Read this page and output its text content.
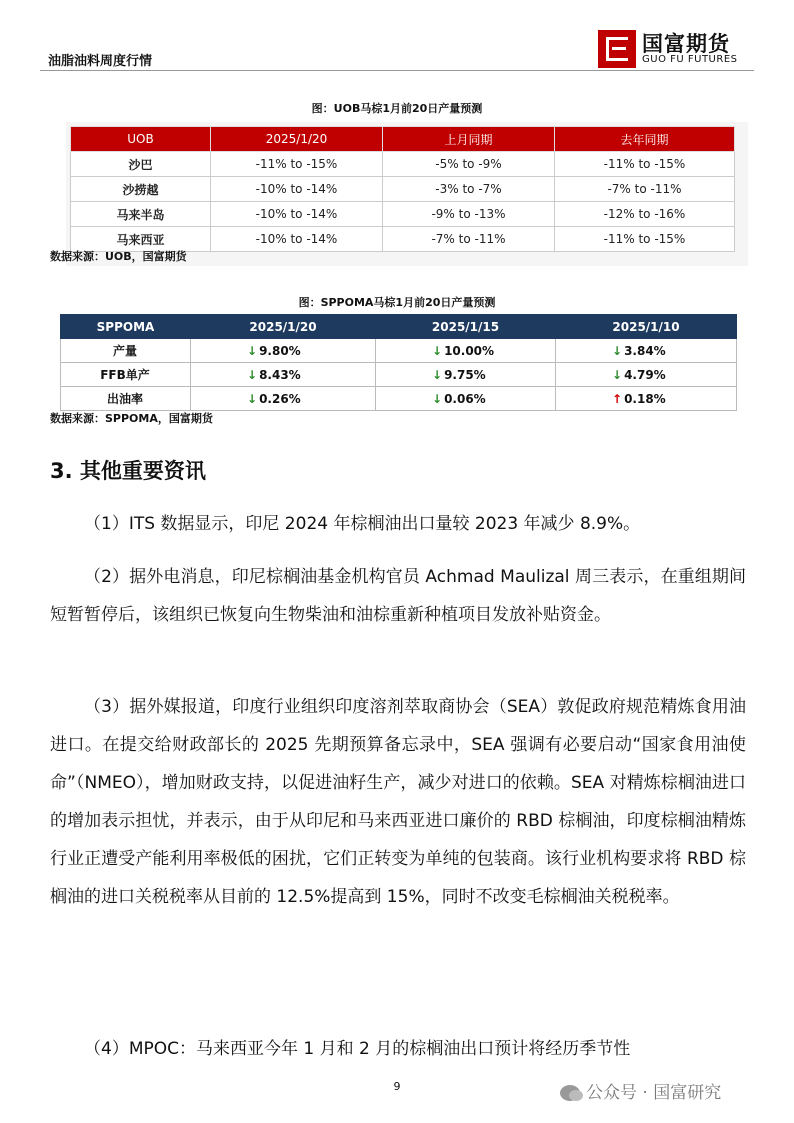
油脂油料周度行情
国富期货
GUO FU FUTURES
图：UOB马棕1月前20日产量预测
UOB	2025/1/20	上月同期	去年同期
沙巴	-11% to -15%	-5% to -9%	-11% to -15%
沙捞越	-10% to -14%	-3% to -7%	-7% to -11%
马来半岛	-10% to -14%	-9% to -13%	-12% to -16%
马来西亚	-10% to -14%	-7% to -11%	-11% to -15%
数据来源：UOB，国富期货
图：SPPOMA马棕1月前20日产量预测
SPPOMA	2025/1/20	2025/1/15	2025/1/10
产量	↓ 9.80%	↓ 10.00%	↓ 3.84%
FFB单产	↓ 8.43%	↓ 9.75%	↓ 4.79%
出油率	↓ 0.26%	↓ 0.06%	↑ 0.18%
数据来源：SPPOMA，国富期货
3. 其他重要资讯

（1）ITS 数据显示，印尼 2024 年棕榈油出口量较 2023 年减少 8.9%。

（2）据外电消息，印尼棕榈油基金机构官员 Achmad Maulizal 周三表示，在重组期间短暂暂停后，该组织已恢复向生物柴油和油棕重新种植项目发放补贴资金。

（3）据外媒报道，印度行业组织印度溶剂萃取商协会（SEA）敦促政府规范精炼食用油进口。在提交给财政部长的 2025 先期预算备忘录中，SEA 强调有必要启动“国家食用油使命”（NMEO），增加财政支持，以促进油籽生产，减少对进口的依赖。SEA 对精炼棕榈油进口的增加表示担忧，并表示，由于从印尼和马来西亚进口廉价的 RBD 棕榈油，印度棕榈油精炼行业正遭受产能利用率极低的困扰，它们正转变为单纯的包装商。该行业机构要求将 RBD 棕榈油的进口关税税率从目前的 12.5%提高到 15%，同时不改变毛棕榈油关税税率。

（4）MPOC：马来西亚今年 1 月和 2 月的棕榈油出口预计将经历季节性

9	公众号 · 国富研究
